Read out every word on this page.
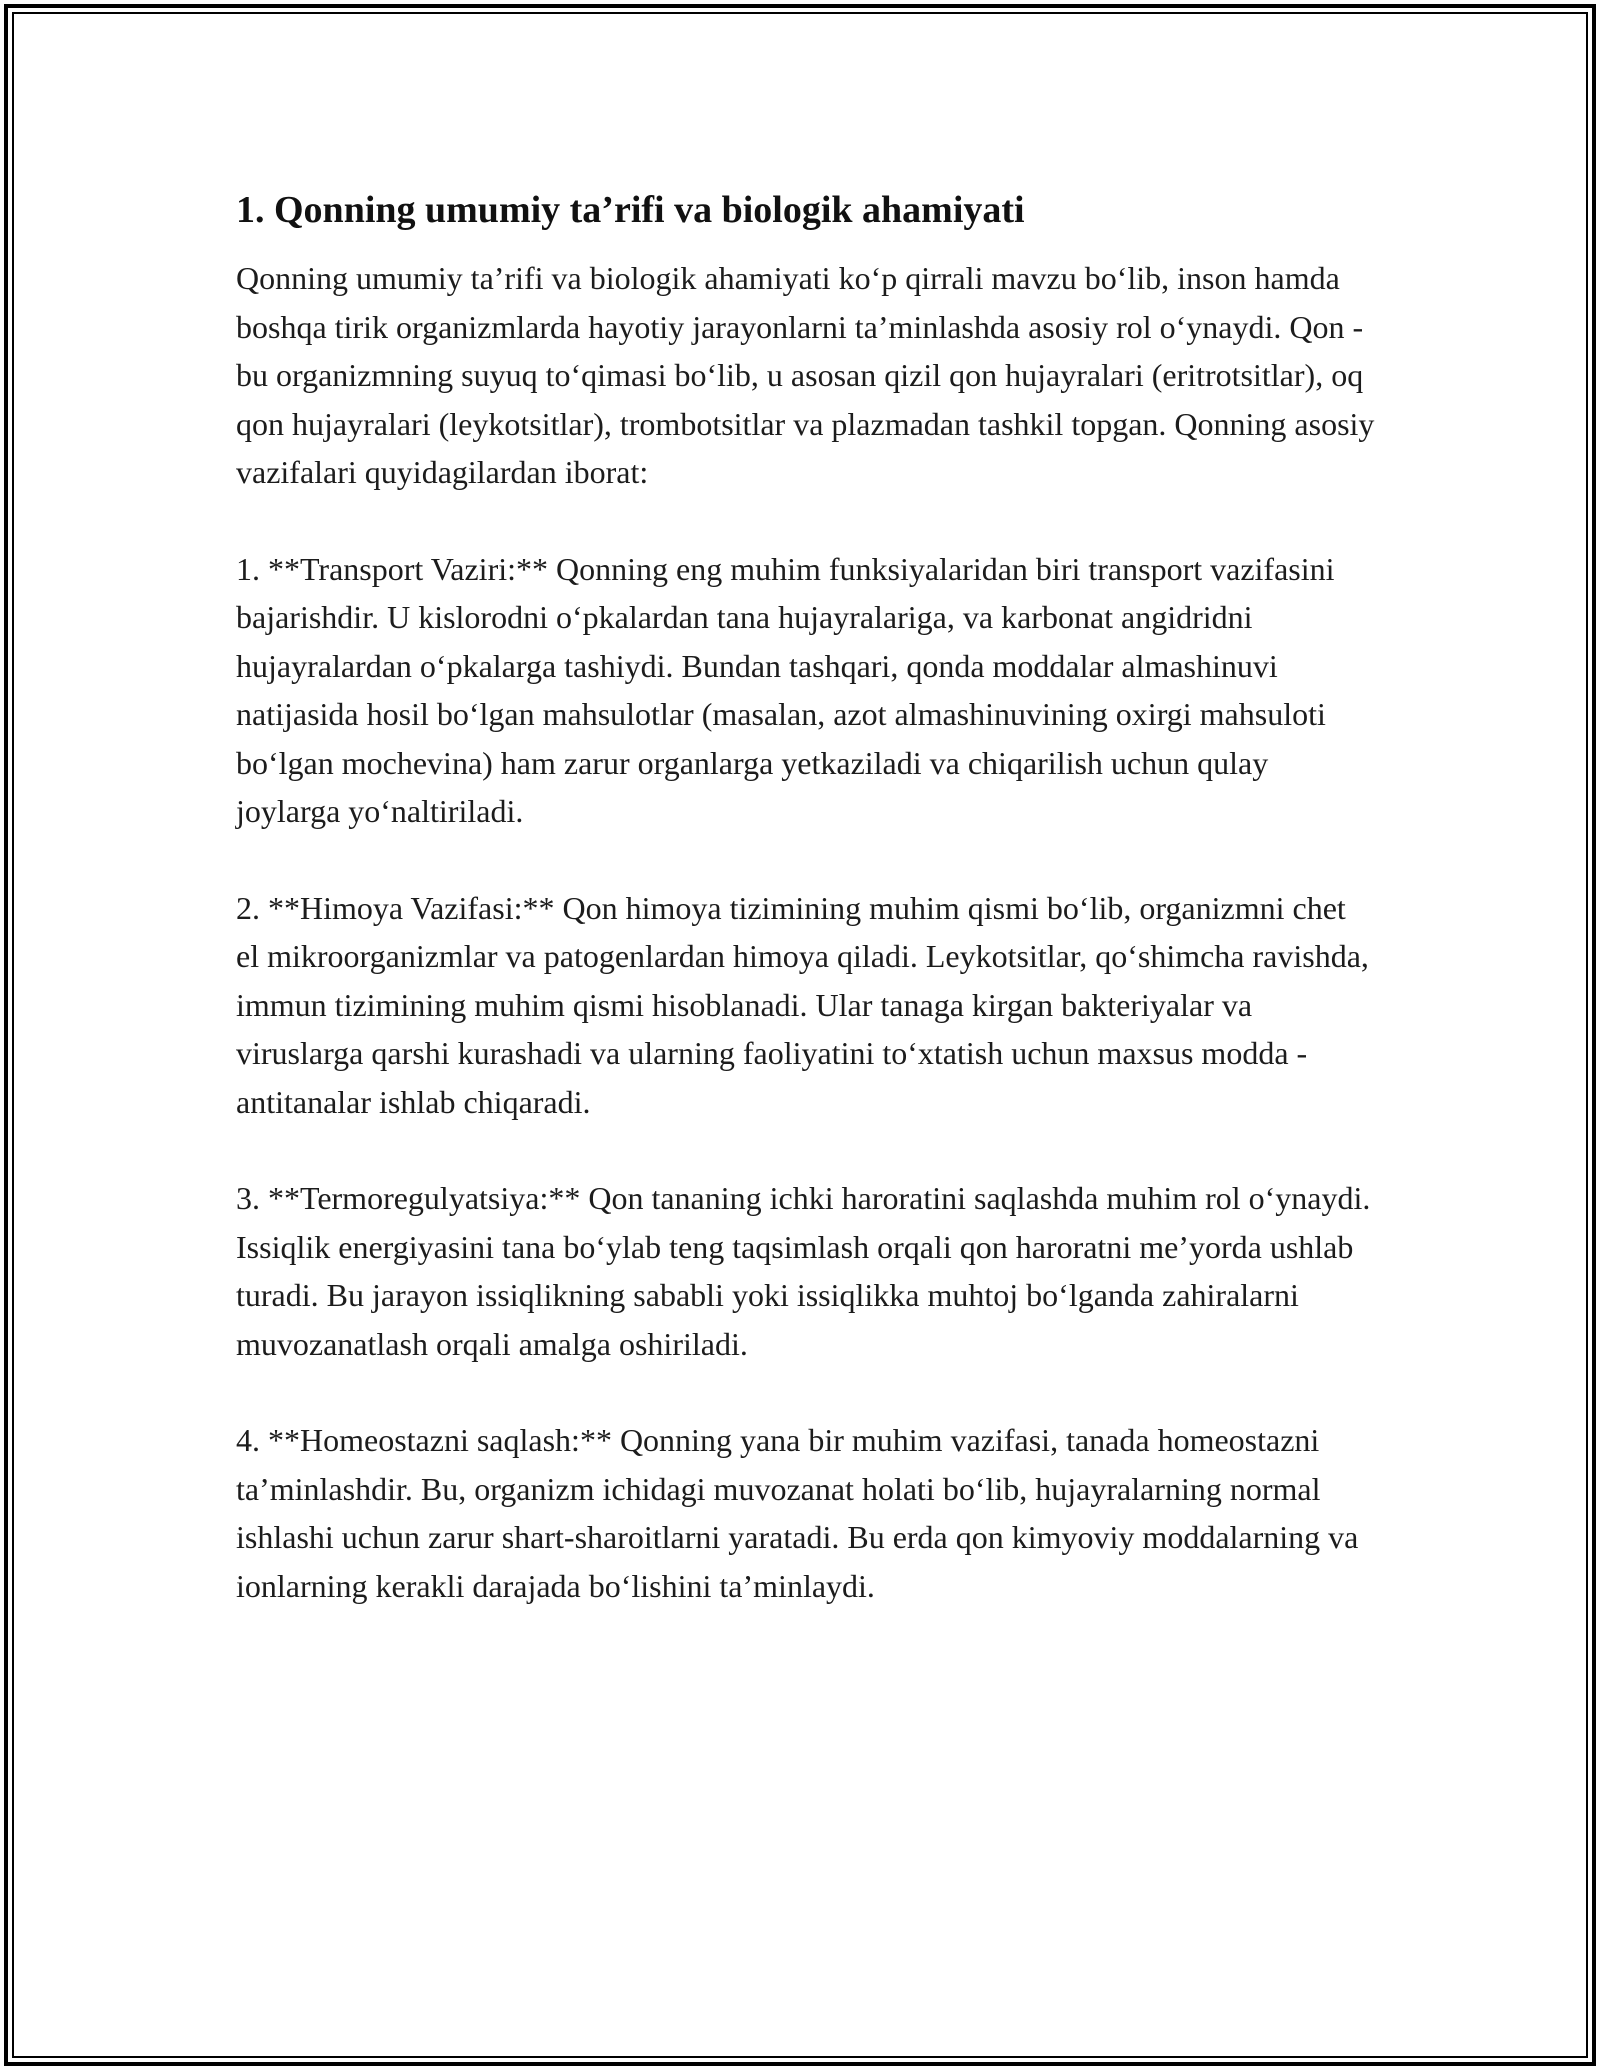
1. Qonning umumiy ta’rifi va biologik ahamiyati

Qonning umumiy ta’rifi va biologik ahamiyati ko‘p qirrali mavzu bo‘lib, inson hamda boshqa tirik organizmlarda hayotiy jarayonlarni ta’minlashda asosiy rol o‘ynaydi. Qon - bu organizmning suyuq to‘qimasi bo‘lib, u asosan qizil qon hujayralari (eritrotsitlar), oq qon hujayralari (leykotsitlar), trombotsitlar va plazmadan tashkil topgan. Qonning asosiy vazifalari quyidagilardan iborat:

1. **Transport Vaziri:** Qonning eng muhim funksiyalaridan biri transport vazifasini bajarishdir. U kislorodni o‘pkalardan tana hujayralariga, va karbonat angidridni hujayralardan o‘pkalarga tashiydi. Bundan tashqari, qonda moddalar almashinuvi natijasida hosil bo‘lgan mahsulotlar (masalan, azot almashinuvining oxirgi mahsuloti bo‘lgan mochevina) ham zarur organlarga yetkaziladi va chiqarilish uchun qulay joylarga yo‘naltiriladi.

2. **Himoya Vazifasi:** Qon himoya tizimining muhim qismi bo‘lib, organizmni chet el mikroorganizmlar va patogenlardan himoya qiladi. Leykotsitlar, qo‘shimcha ravishda, immun tizimining muhim qismi hisoblanadi. Ular tanaga kirgan bakteriyalar va viruslarga qarshi kurashadi va ularning faoliyatini to‘xtatish uchun maxsus modda - antitanalar ishlab chiqaradi.

3. **Termoregulyatsiya:** Qon tananing ichki haroratini saqlashda muhim rol o‘ynaydi. Issiqlik energiyasini tana bo‘ylab teng taqsimlash orqali qon haroratni me’yorda ushlab turadi. Bu jarayon issiqlikning sababli yoki issiqlikka muhtoj bo‘lganda zahiralarni muvozanatlash orqali amalga oshiriladi.

4. **Homeostazni saqlash:** Qonning yana bir muhim vazifasi, tanada homeostazni ta’minlashdir. Bu, organizm ichidagi muvozanat holati bo‘lib, hujayralarning normal ishlashi uchun zarur shart-sharoitlarni yaratadi. Bu erda qon kimyoviy moddalarning va ionlarning kerakli darajada bo‘lishini ta’minlaydi.
